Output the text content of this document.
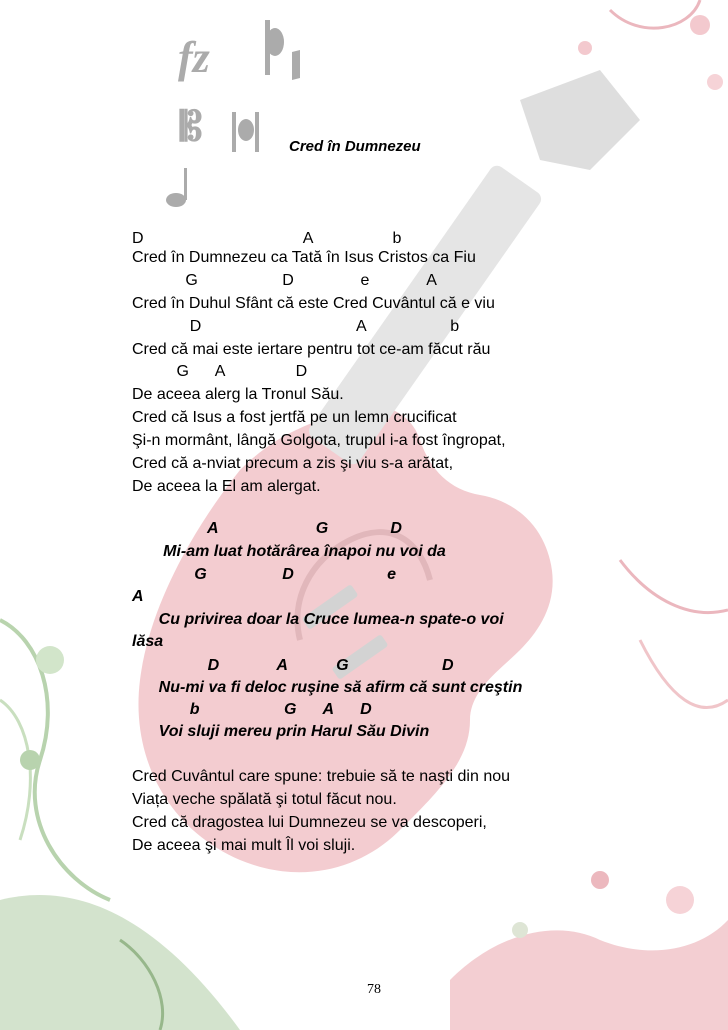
fz
𝄡	Cred în Dumnezeu
D                                    A                  b
Cred în Dumnezeu ca Tată în Isus Cristos ca Fiu
G                   D               e             A
Cred în Duhul Sfânt că este Cred Cuvântul că e viu
D                                   A                   b
Cred că mai este iertare pentru tot ce-am făcut rău
G      A                D
De aceea alerg la Tronul Său.
Cred că Isus a fost jertfă pe un lemn crucificat
Şi-n mormânt, lângă Golgota, trupul i-a fost îngropat,
Cred că a-nviat precum a zis şi viu s-a arătat,
De aceea la El am alergat.
A                      G              D
Mi-am luat hotărârea înapoi nu voi da
G                 D                     e
A
Cu privirea doar la Cruce lumea-n spate-o voi
lăsa
D             A           G                     D
Nu-mi va fi deloc ruşine să afirm că sunt creştin
b                   G      A      D
Voi sluji mereu prin Harul Său Divin
Cred Cuvântul care spune: trebuie să te naşti din nou
Viața veche spălată şi totul făcut nou.
Cred că dragostea lui Dumnezeu se va descoperi,
De aceea şi mai mult Îl voi sluji.
78
